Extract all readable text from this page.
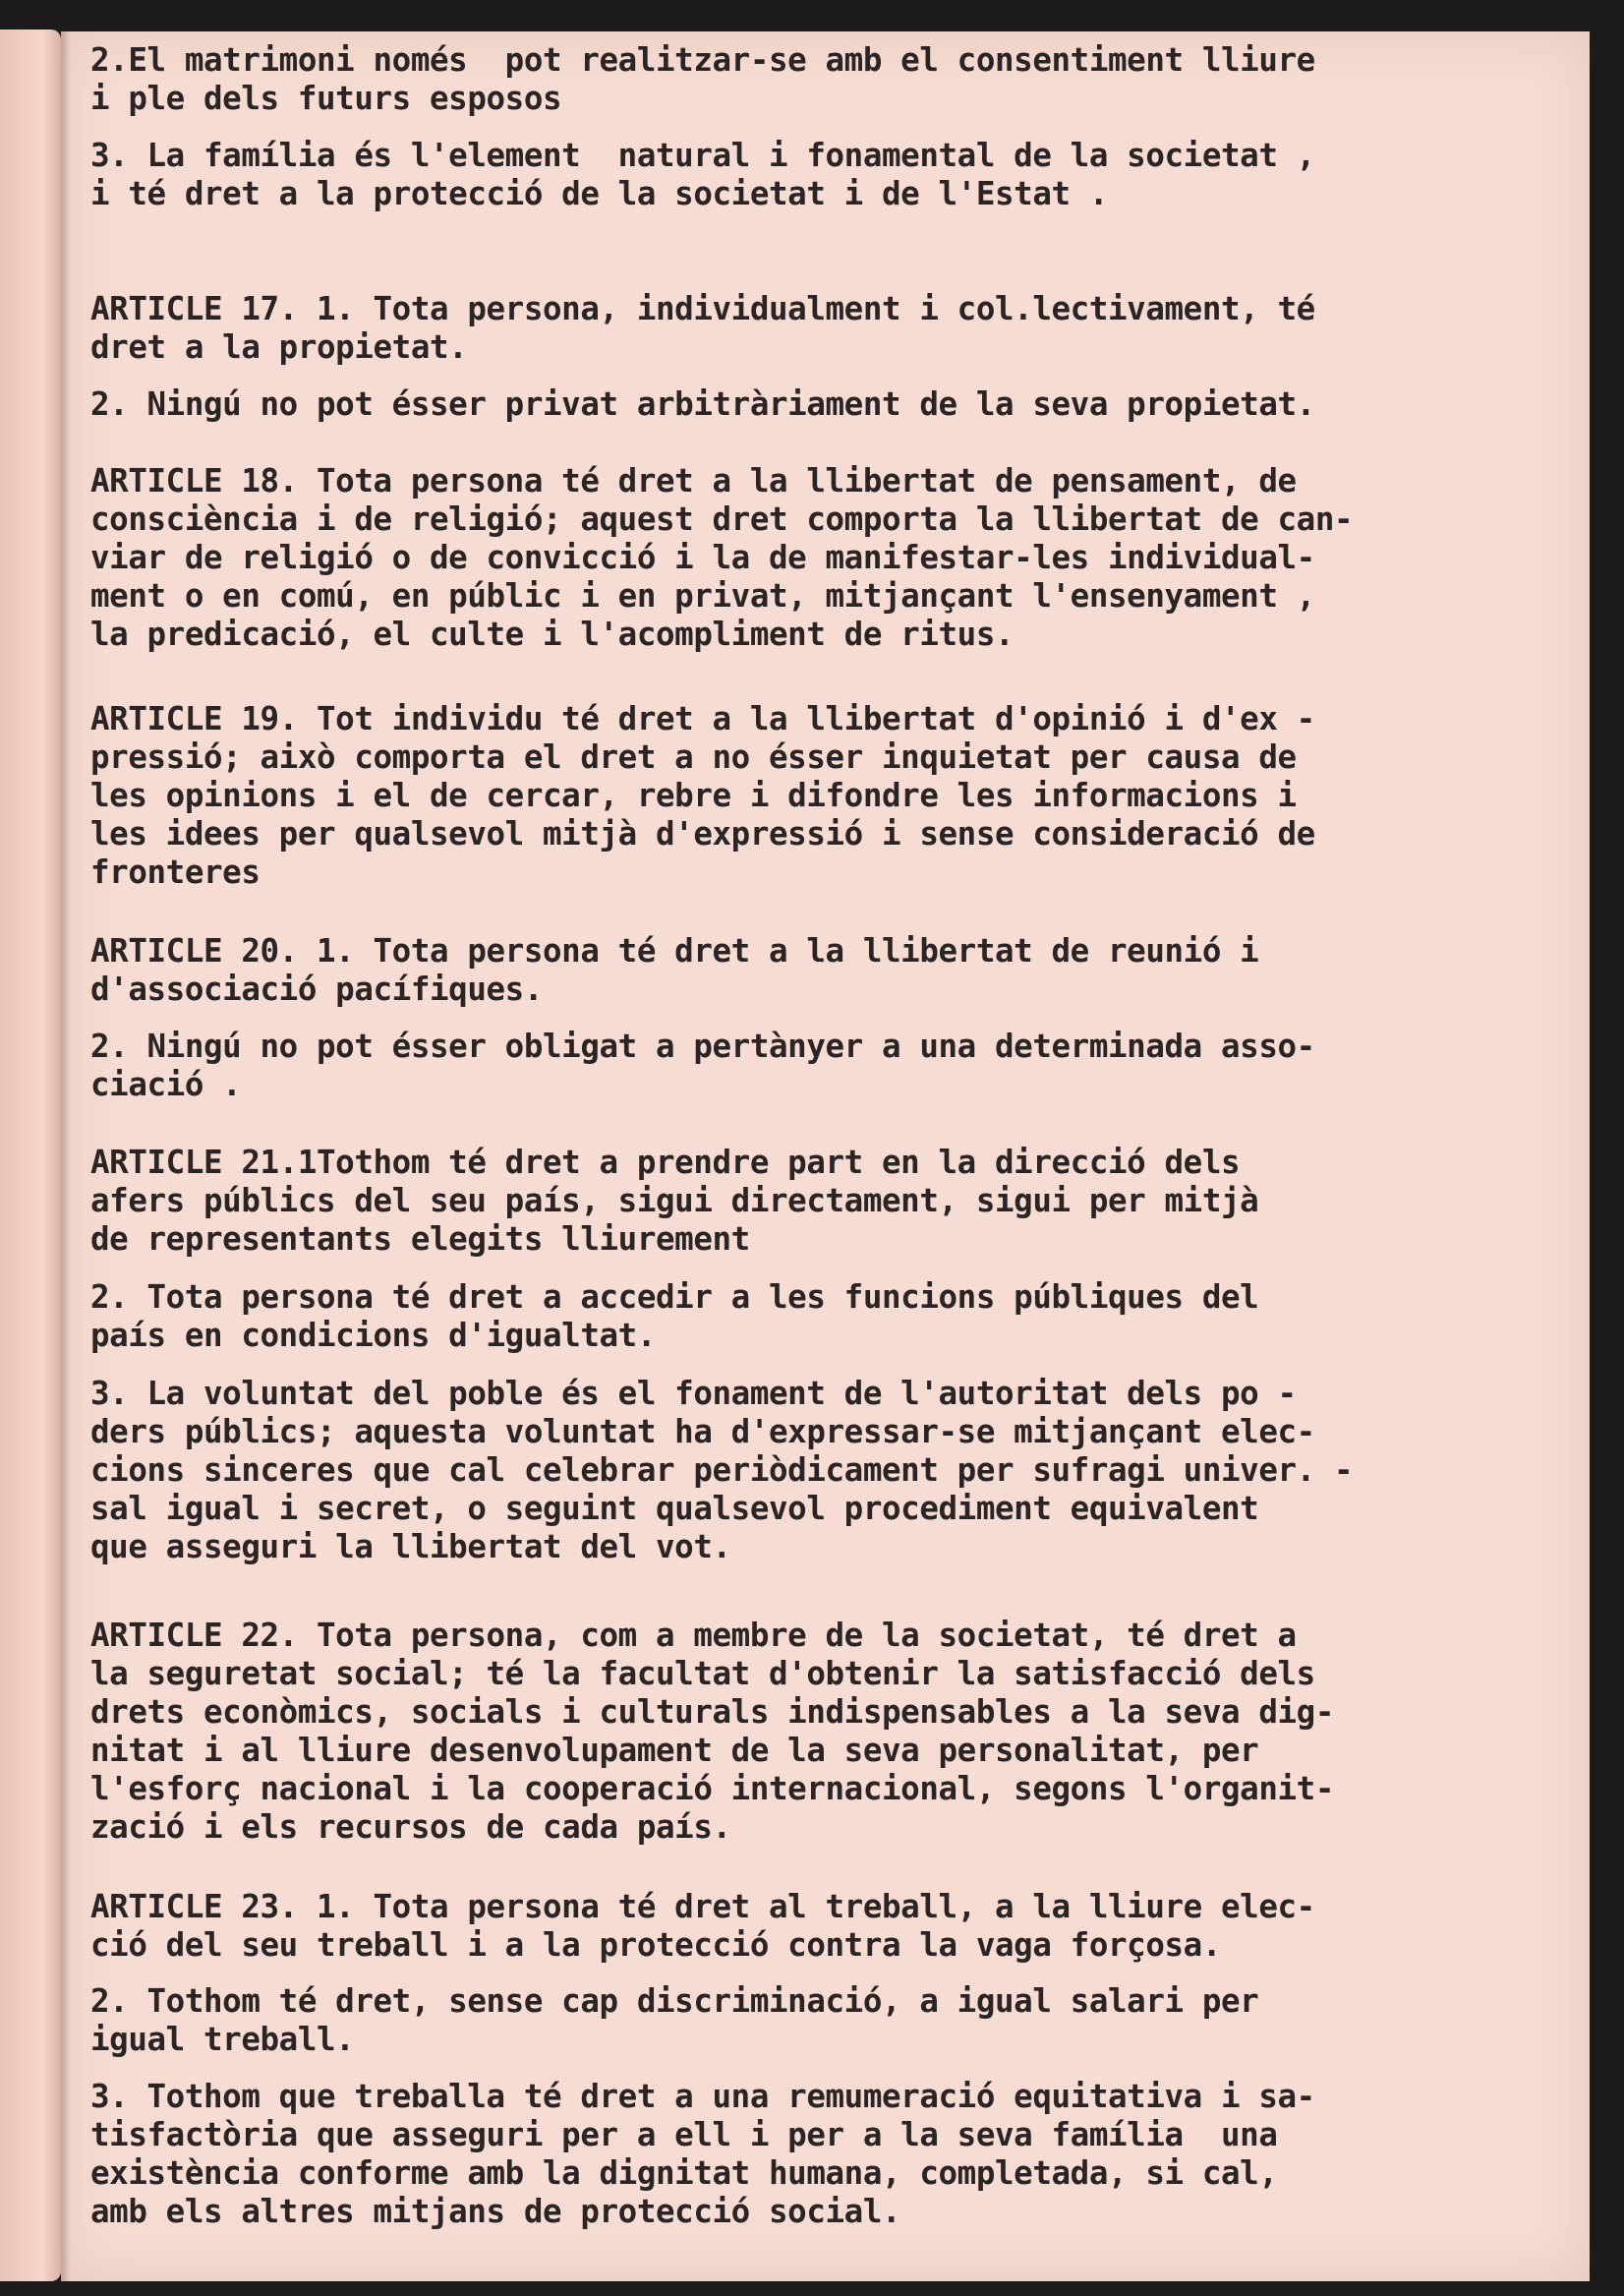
2.El matrimoni només  pot realitzar-se amb el consentiment lliure
i ple dels futurs esposos
3. La família és l'element  natural i fonamental de la societat ,
i té dret a la protecció de la societat i de l'Estat .
ARTICLE 17. 1. Tota persona, individualment i col.lectivament, té
dret a la propietat.
2. Ningú no pot ésser privat arbitràriament de la seva propietat.
ARTICLE 18. Tota persona té dret a la llibertat de pensament, de
consciència i de religió; aquest dret comporta la llibertat de can-
viar de religió o de convicció i la de manifestar-les individual-
ment o en comú, en públic i en privat, mitjançant l'ensenyament ,
la predicació, el culte i l'acompliment de ritus.
ARTICLE 19. Tot individu té dret a la llibertat d'opinió i d'ex -
pressió; això comporta el dret a no ésser inquietat per causa de
les opinions i el de cercar, rebre i difondre les informacions i
les idees per qualsevol mitjà d'expressió i sense consideració de
fronteres
ARTICLE 20. 1. Tota persona té dret a la llibertat de reunió i
d'associació pacífiques.
2. Ningú no pot ésser obligat a pertànyer a una determinada asso-
ciació .
ARTICLE 21.1Tothom té dret a prendre part en la direcció dels
afers públics del seu país, sigui directament, sigui per mitjà
de representants elegits lliurement
2. Tota persona té dret a accedir a les funcions públiques del
país en condicions d'igualtat.
3. La voluntat del poble és el fonament de l'autoritat dels po -
ders públics; aquesta voluntat ha d'expressar-se mitjançant elec-
cions sinceres que cal celebrar periòdicament per sufragi univer. -
sal igual i secret, o seguint qualsevol procediment equivalent
que asseguri la llibertat del vot.
ARTICLE 22. Tota persona, com a membre de la societat, té dret a
la seguretat social; té la facultat d'obtenir la satisfacció dels
drets econòmics, socials i culturals indispensables a la seva dig-
nitat i al lliure desenvolupament de la seva personalitat, per
l'esforç nacional i la cooperació internacional, segons l'organit-
zació i els recursos de cada país.
ARTICLE 23. 1. Tota persona té dret al treball, a la lliure elec-
ció del seu treball i a la protecció contra la vaga forçosa.
2. Tothom té dret, sense cap discriminació, a igual salari per
igual treball.
3. Tothom que treballa té dret a una remumeració equitativa i sa-
tisfactòria que asseguri per a ell i per a la seva família  una
existència conforme amb la dignitat humana, completada, si cal,
amb els altres mitjans de protecció social.
